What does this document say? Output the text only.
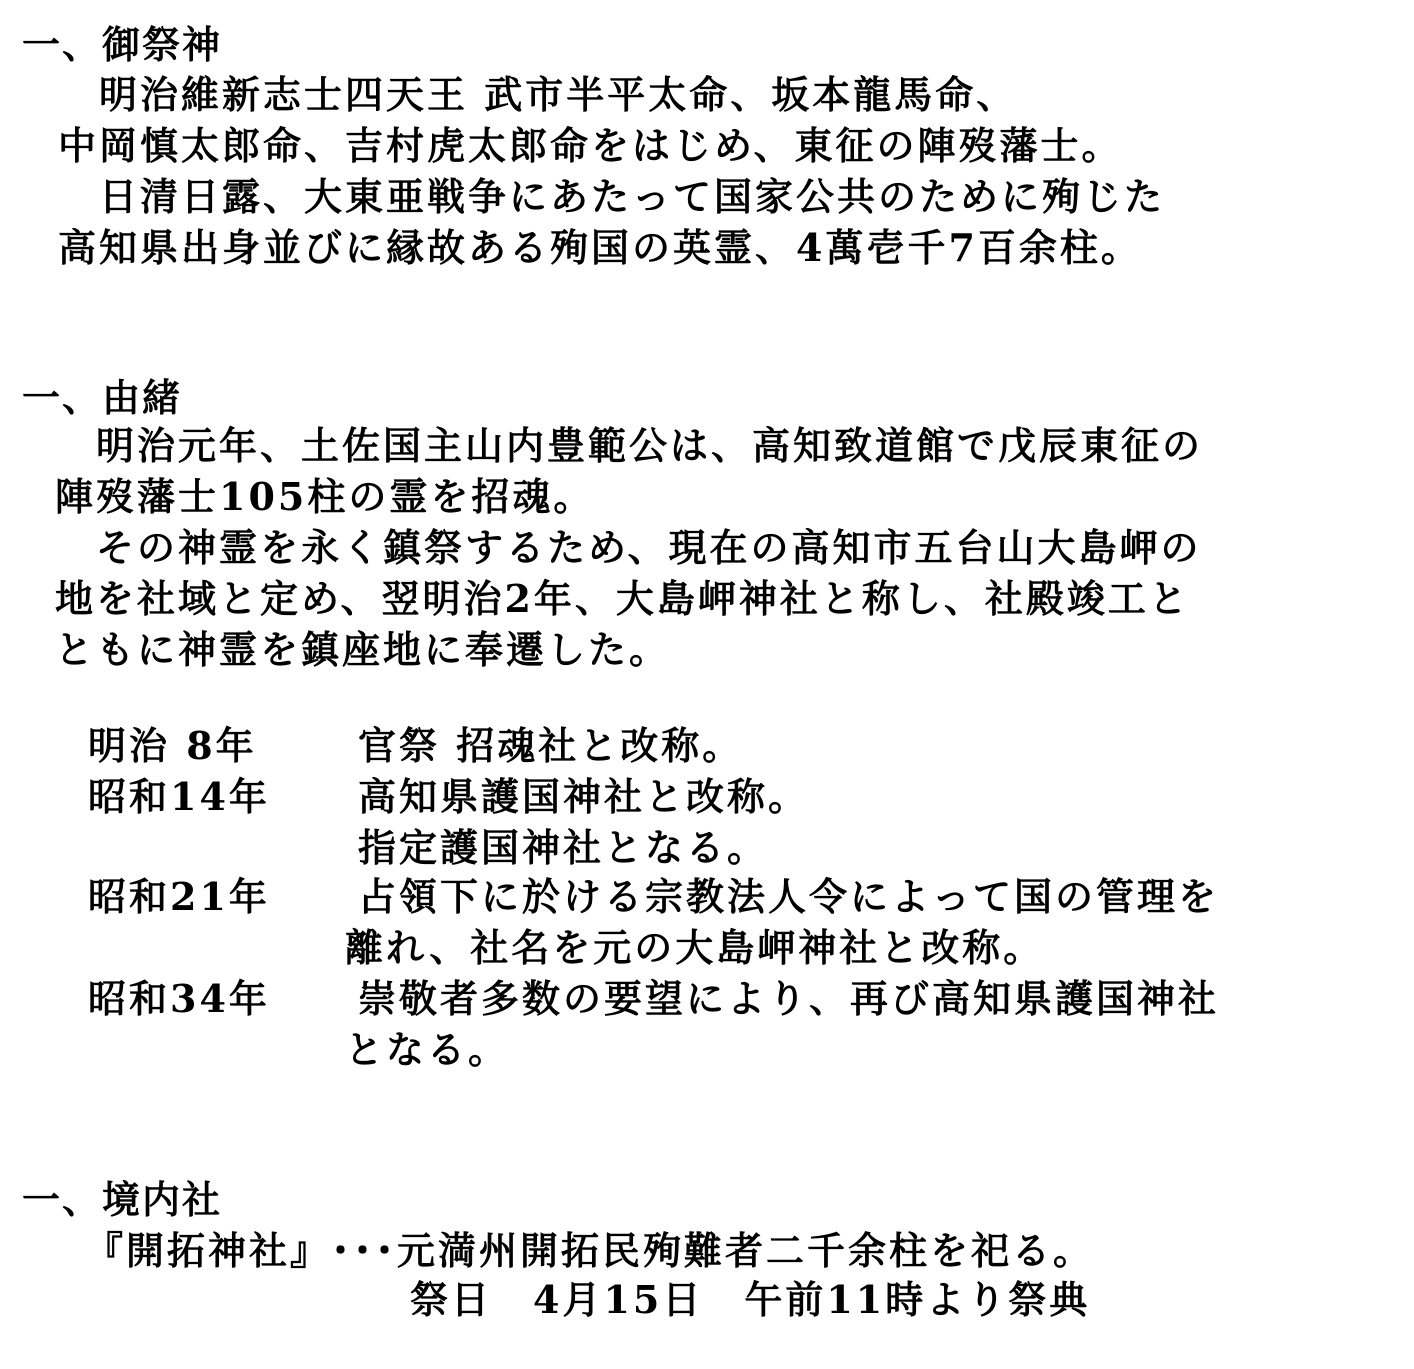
一、御祭神
　明治維新志士四天王 武市半平太命、坂本龍馬命、
中岡慎太郎命、吉村虎太郎命をはじめ、東征の陣歿藩士。
　日清日露、大東亜戦争にあたって国家公共のために殉じた
高知県出身並びに縁故ある殉国の英霊、4萬壱千7百余柱。
一、由緒
　明治元年、土佐国主山内豊範公は、高知致道館で戊辰東征の
陣歿藩士105柱の霊を招魂。
　その神霊を永く鎮祭するため、現在の高知市五台山大島岬の
地を社域と定め、翌明治2年、大島岬神社と称し、社殿竣工と
ともに神霊を鎮座地に奉遷した。
明治 8年	官祭 招魂社と改称。
昭和14年 高知県護国神社と改称。
指定護国神社となる。
昭和21年 占領下に於ける宗教法人令によって国の管理を
離れ、社名を元の大島岬神社と改称。
昭和34年 崇敬者多数の要望により、再び高知県護国神社
となる。
一、境内社
『開拓神社』･･･元満州開拓民殉難者二千余柱を祀る。
祭日　4月15日　午前11時より祭典
